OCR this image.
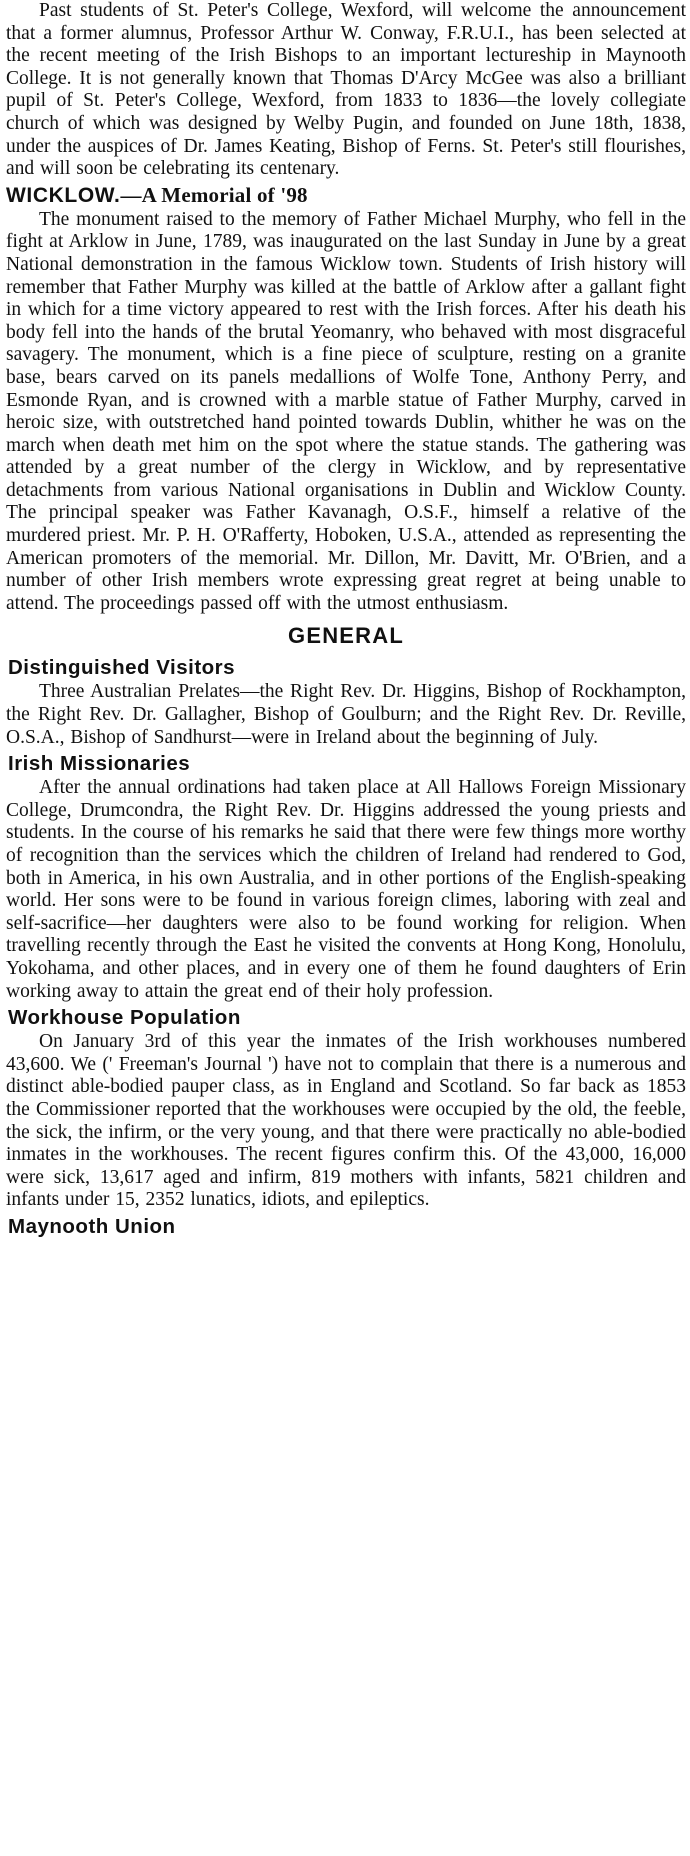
Past students of St. Peter's College, Wexford, will welcome the announcement that a former alumnus, Professor Arthur W. Conway, F.R.U.I., has been selected at the recent meeting of the Irish Bishops to an important lectureship in Maynooth College. It is not generally known that Thomas D'Arcy McGee was also a brilliant pupil of St. Peter's College, Wexford, from 1833 to 1836—the lovely collegiate church of which was designed by Welby Pugin, and founded on June 18th, 1838, under the auspices of Dr. James Keating, Bishop of Ferns. St. Peter's still flourishes, and will soon be celebrating its centenary.

WICKLOW.—A Memorial of '98

The monument raised to the memory of Father Michael Murphy, who fell in the fight at Arklow in June, 1789, was inaugurated on the last Sunday in June by a great National demonstration in the famous Wicklow town. Students of Irish history will remember that Father Murphy was killed at the battle of Arklow after a gallant fight in which for a time victory appeared to rest with the Irish forces. After his death his body fell into the hands of the brutal Yeomanry, who behaved with most disgraceful savagery. The monument, which is a fine piece of sculpture, resting on a granite base, bears carved on its panels medallions of Wolfe Tone, Anthony Perry, and Esmonde Ryan, and is crowned with a marble statue of Father Murphy, carved in heroic size, with outstretched hand pointed towards Dublin, whither he was on the march when death met him on the spot where the statue stands. The gathering was attended by a great number of the clergy in Wicklow, and by representative detachments from various National organisations in Dublin and Wicklow County. The principal speaker was Father Kavanagh, O.S.F., himself a relative of the murdered priest. Mr. P. H. O'Rafferty, Hoboken, U.S.A., attended as representing the American promoters of the memorial. Mr. Dillon, Mr. Davitt, Mr. O'Brien, and a number of other Irish members wrote expressing great regret at being unable to attend. The proceedings passed off with the utmost enthusiasm.

GENERAL
Distinguished Visitors

Three Australian Prelates—the Right Rev. Dr. Higgins, Bishop of Rockhampton, the Right Rev. Dr. Gallagher, Bishop of Goulburn; and the Right Rev. Dr. Reville, O.S.A., Bishop of Sandhurst—were in Ireland about the beginning of July.

Irish Missionaries

After the annual ordinations had taken place at All Hallows Foreign Missionary College, Drumcondra, the Right Rev. Dr. Higgins addressed the young priests and students. In the course of his remarks he said that there were few things more worthy of recognition than the services which the children of Ireland had rendered to God, both in America, in his own Australia, and in other portions of the English-speaking world. Her sons were to be found in various foreign climes, laboring with zeal and self-sacrifice—her daughters were also to be found working for religion. When travelling recently through the East he visited the convents at Hong Kong, Honolulu, Yokohama, and other places, and in every one of them he found daughters of Erin working away to attain the great end of their holy profession.

Workhouse Population

On January 3rd of this year the inmates of the Irish workhouses numbered 43,600. We (' Freeman's Journal ') have not to complain that there is a numerous and distinct able-bodied pauper class, as in England and Scotland. So far back as 1853 the Commissioner reported that the workhouses were occupied by the old, the feeble, the sick, the infirm, or the very young, and that there were practically no able-bodied inmates in the workhouses. The recent figures confirm this. Of the 43,000, 16,000 were sick, 13,617 aged and infirm, 819 mothers with infants, 5821 children and infants under 15, 2352 lunatics, idiots, and epileptics.

Maynooth Union
